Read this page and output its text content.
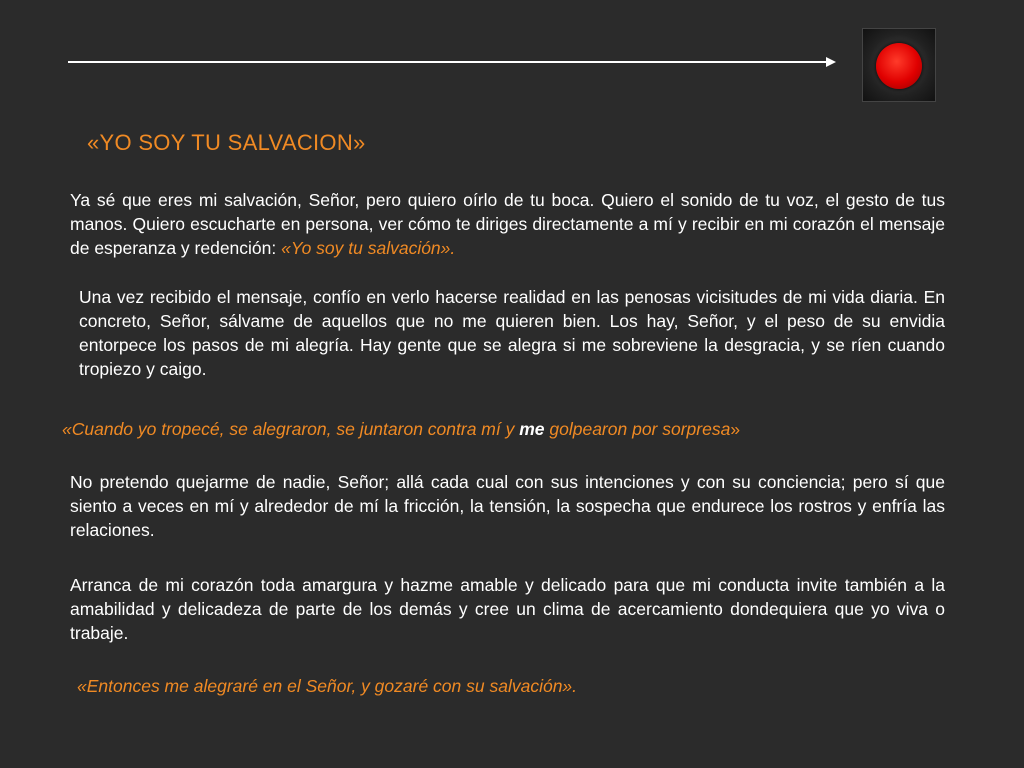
«YO SOY TU SALVACION»

Ya sé que eres mi salvación, Señor, pero quiero oírlo de tu boca. Quiero el sonido de tu voz, el gesto de tus manos. Quiero escucharte en persona, ver cómo te diriges directamente a mí y recibir en mi corazón el mensaje de esperanza y redención: «Yo soy tu salvación».

Una vez recibido el mensaje, confío en verlo hacerse realidad en las penosas vicisitudes de mi vida diaria. En concreto, Señor, sálvame de aquellos que no me quieren bien. Los hay, Señor, y el peso de su envidia entorpece los pasos de mi alegría. Hay gente que se alegra si me sobreviene la desgracia, y se ríen cuando tropiezo y caigo.

«Cuando yo tropecé, se alegraron, se juntaron contra mí y me golpearon por sorpresa»

No pretendo quejarme de nadie, Señor; allá cada cual con sus intenciones y con su conciencia; pero sí que siento a veces en mí y alrededor de mí la fricción, la tensión, la sospecha que endurece los rostros y enfría las relaciones.

Arranca de mi corazón toda amargura y hazme amable y delicado para que mi conducta invite también a la amabilidad y delicadeza de parte de los demás y cree un clima de acercamiento dondequiera que yo viva o trabaje.

«Entonces me alegraré en el Señor, y gozaré con su salvación».
